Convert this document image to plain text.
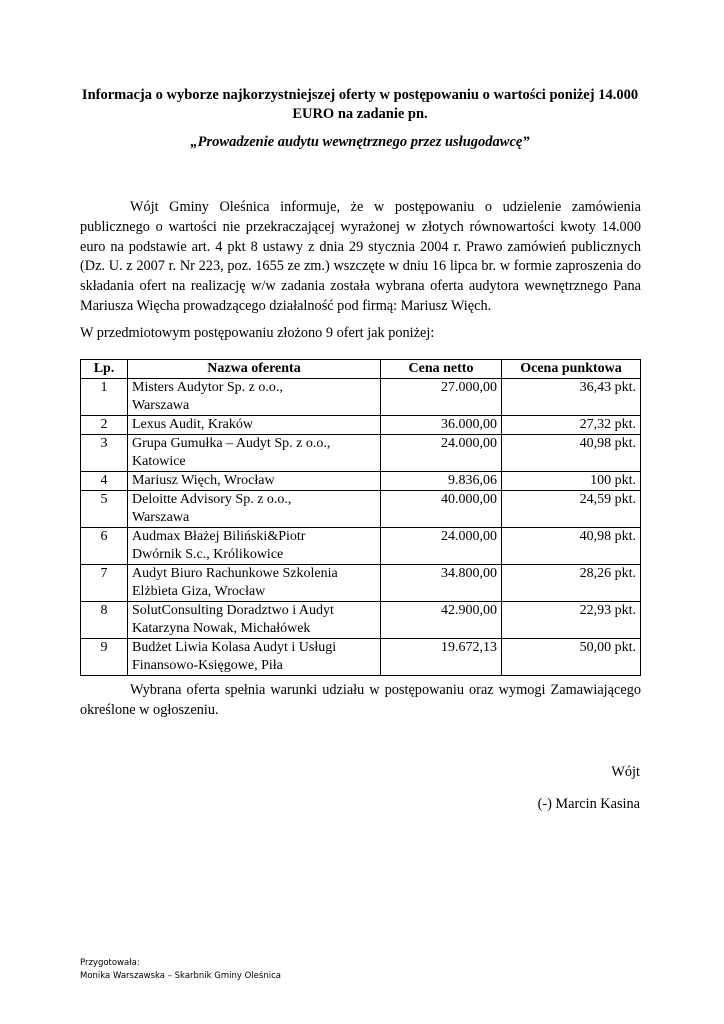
Informacja o wyborze najkorzystniejszej oferty w postępowaniu o wartości poniżej 14.000 EURO na zadanie pn.
„Prowadzenie audytu wewnętrznego przez usługodawcę”
Wójt Gminy Oleśnica informuje, że w postępowaniu o udzielenie zamówienia publicznego o wartości nie przekraczającej wyrażonej w złotych równowartości kwoty 14.000 euro na podstawie art. 4 pkt 8 ustawy z dnia 29 stycznia 2004 r. Prawo zamówień publicznych (Dz. U. z 2007 r. Nr 223, poz. 1655 ze zm.) wszczęte w dniu 16 lipca br. w formie zaproszenia do składania ofert na realizację w/w zadania została wybrana oferta audytora wewnętrznego Pana Mariusza Więcha prowadzącego działalność pod firmą: Mariusz Więch.
W przedmiotowym postępowaniu złożono 9 ofert jak poniżej:
Lp.	Nazwa oferenta	Cena netto	Ocena punktowa
1	Misters Audytor Sp. z o.o.,
Warszawa	27.000,00	36,43 pkt.
2	Lexus Audit, Kraków	36.000,00	27,32 pkt.
3	Grupa Gumułka – Audyt Sp. z o.o.,
Katowice	24.000,00	40,98 pkt.
4	Mariusz Więch, Wrocław	9.836,06	100 pkt.
5	Deloitte Advisory Sp. z o.o.,
Warszawa	40.000,00	24,59 pkt.
6	Audmax Błażej Biliński&Piotr
Dwórnik S.c., Królikowice	24.000,00	40,98 pkt.
7	Audyt Biuro Rachunkowe Szkolenia
Elżbieta Giza, Wrocław	34.800,00	28,26 pkt.
8	SolutConsulting Doradztwo i Audyt
Katarzyna Nowak, Michałówek	42.900,00	22,93 pkt.
9	Budżet Liwia Kolasa Audyt i Usługi
Finansowo-Księgowe, Piła	19.672,13	50,00 pkt.
Wybrana oferta spełnia warunki udziału w postępowaniu oraz wymogi Zamawiającego określone w ogłoszeniu.
Wójt
(-) Marcin Kasina
Przygotowała:
Monika Warszawska – Skarbnik Gminy Oleśnica
